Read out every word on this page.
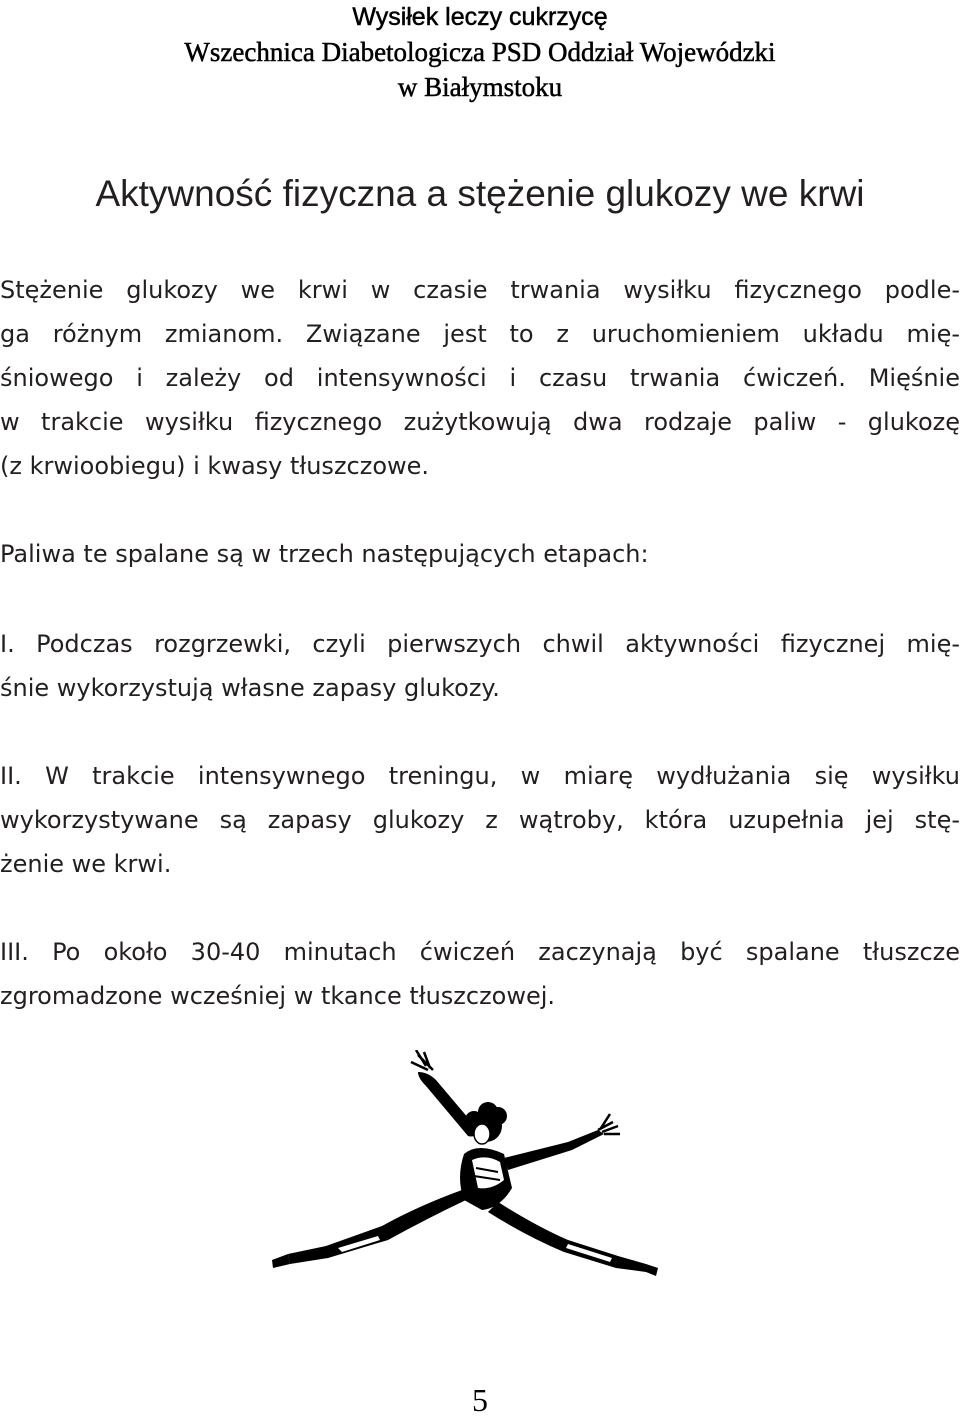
Wysiłek leczy cukrzycę
Wszechnica Diabetologicza PSD Oddział Wojewódzki
w Białymstoku
Aktywność fizyczna a stężenie glukozy we krwi

Stężenie glukozy we krwi w czasie trwania wysiłku fizycznego podle-
ga różnym zmianom. Związane jest to z uruchomieniem układu mię-
śniowego i zależy od intensywności i czasu trwania ćwiczeń. Mięśnie
w trakcie wysiłku fizycznego zużytkowują dwa rodzaje paliw - glukozę
(z krwioobiegu) i kwasy tłuszczowe.

Paliwa te spalane są w trzech następujących etapach:

I. Podczas rozgrzewki, czyli pierwszych chwil aktywności fizycznej mię-
śnie wykorzystują własne zapasy glukozy.

II. W trakcie intensywnego treningu, w miarę wydłużania się wysiłku
wykorzystywane są zapasy glukozy z wątroby, która uzupełnia jej stę-
żenie we krwi.

III. Po około 30-40 minutach ćwiczeń zaczynają być spalane tłuszcze
zgromadzone wcześniej w tkance tłuszczowej.

5
